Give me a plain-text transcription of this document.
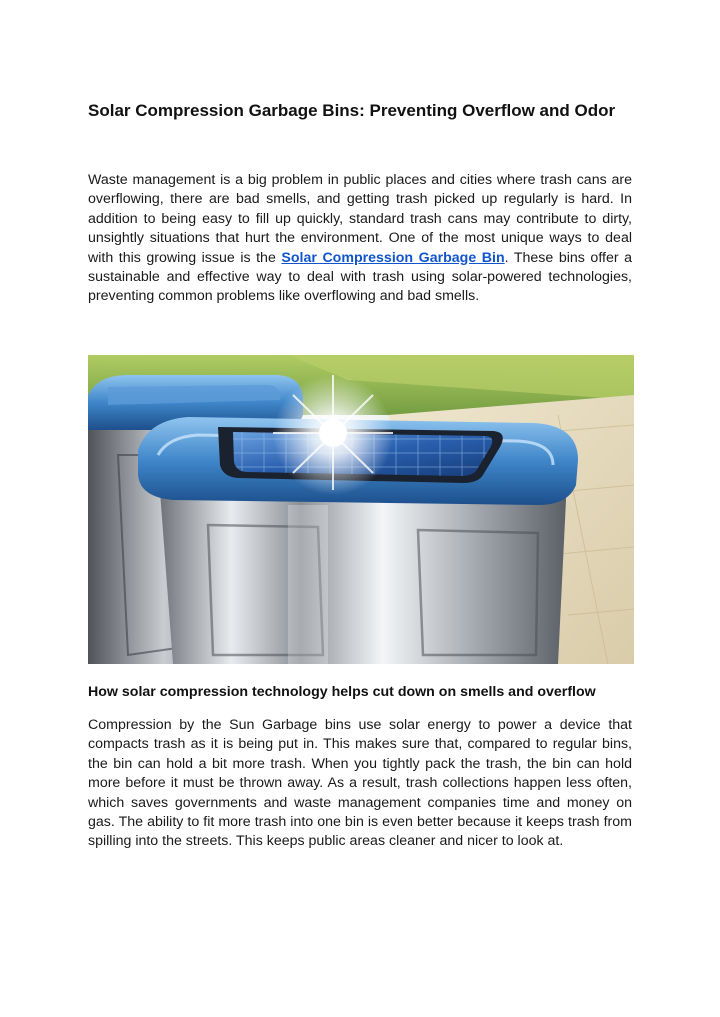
Solar Compression Garbage Bins: Preventing Overflow and Odor

Waste management is a big problem in public places and cities where trash cans are overflowing, there are bad smells, and getting trash picked up regularly is hard. In addition to being easy to fill up quickly, standard trash cans may contribute to dirty, unsightly situations that hurt the environment. One of the most unique ways to deal with this growing issue is the Solar Compression Garbage Bin. These bins offer a sustainable and effective way to deal with trash using solar-powered technologies, preventing common problems like overflowing and bad smells.

How solar compression technology helps cut down on smells and overflow

Compression by the Sun Garbage bins use solar energy to power a device that compacts trash as it is being put in. This makes sure that, compared to regular bins, the bin can hold a bit more trash. When you tightly pack the trash, the bin can hold more before it must be thrown away. As a result, trash collections happen less often, which saves governments and waste management companies time and money on gas. The ability to fit more trash into one bin is even better because it keeps trash from spilling into the streets. This keeps public areas cleaner and nicer to look at.
